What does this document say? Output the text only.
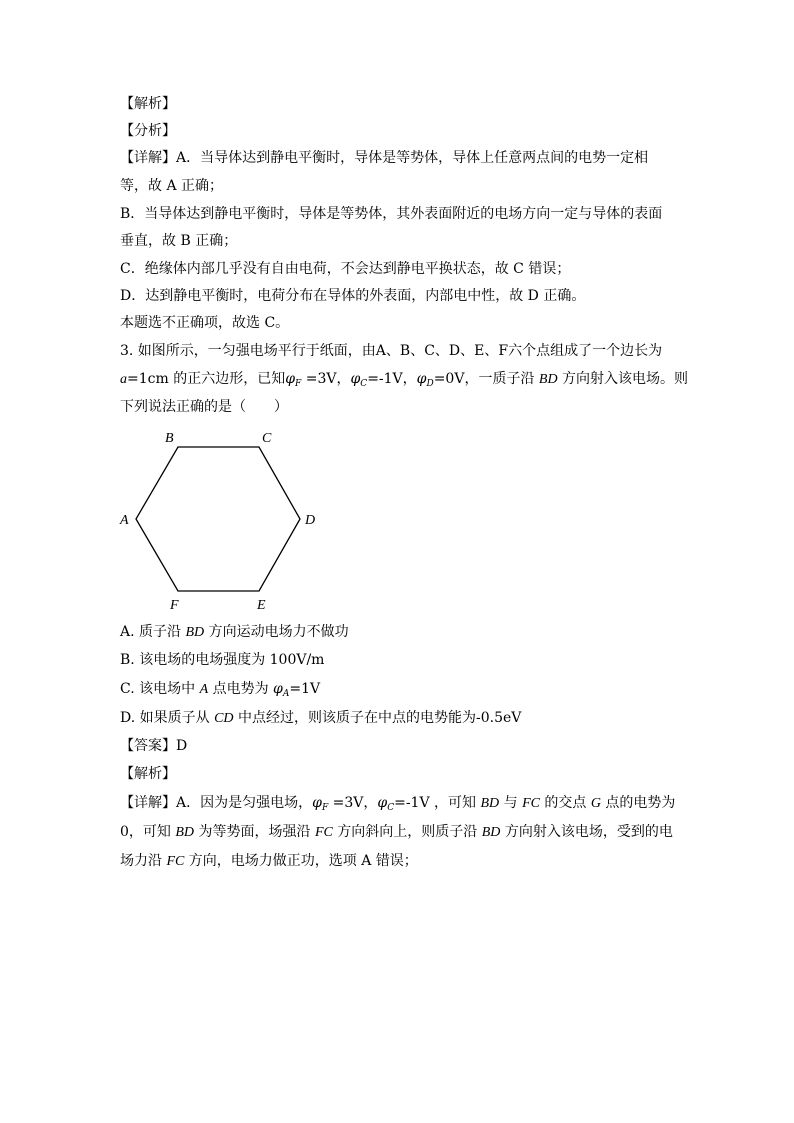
【解析】
【分析】
【详解】A．当导体达到静电平衡时，导体是等势体，导体上任意两点间的电势一定相
等，故 A 正确；
B．当导体达到静电平衡时，导体是等势体，其外表面附近的电场方向一定与导体的表面
垂直，故 B 正确；
C．绝缘体内部几乎没有自由电荷，不会达到静电平换状态，故 C 错误；
D．达到静电平衡时，电荷分布在导体的外表面，内部电中性，故 D 正确。
本题选不正确项，故选 C。
3. 如图所示，一匀强电场平行于纸面，由A、B、C、D、E、F六个点组成了一个边长为
a=1cm 的正六边形，已知$\varphi_F =3V$，$\varphi_C=-1V$，$\varphi_D=0V$，一质子沿 BD 方向射入该电场。则
下列说法正确的是（　　）
B	C
A	D
F	E
A. 质子沿 BD 方向运动电场力不做功
B. 该电场的电场强度为 100V/m
C. 该电场中 A 点电势为 $\varphi_A=1V$
D. 如果质子从 CD 中点经过，则该质子在中点的电势能为-0.5eV
【答案】D
【解析】
【详解】A．因为是匀强电场，$\varphi_F =3V$，$\varphi_C=-1V$ ，可知 BD 与 FC 的交点 G 点的电势为
0，可知 BD 为等势面，场强沿 FC 方向斜向上，则质子沿 BD 方向射入该电场，受到的电
场力沿 FC 方向，电场力做正功，选项 A 错误；
